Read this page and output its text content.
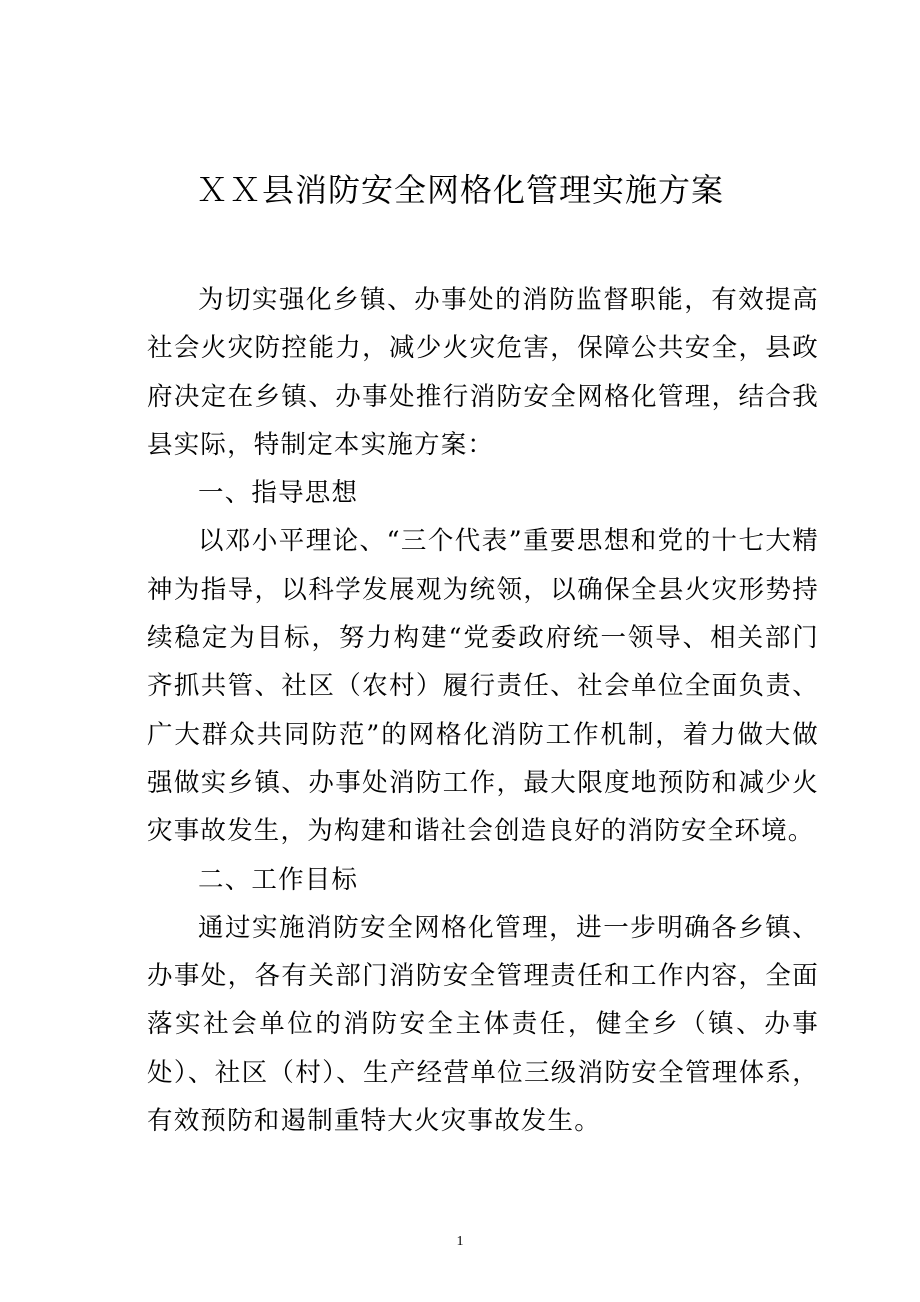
ＸＸ县消防安全网格化管理实施方案

为切实强化乡镇、办事处的消防监督职能，有效提高社会火灾防控能力，减少火灾危害，保障公共安全，县政府决定在乡镇、办事处推行消防安全网格化管理，结合我县实际，特制定本实施方案：

一、指导思想

以邓小平理论、“三个代表”重要思想和党的十七大精神为指导，以科学发展观为统领，以确保全县火灾形势持续稳定为目标，努力构建“党委政府统一领导、相关部门齐抓共管、社区（农村）履行责任、社会单位全面负责、广大群众共同防范”的网格化消防工作机制，着力做大做强做实乡镇、办事处消防工作，最大限度地预防和减少火灾事故发生，为构建和谐社会创造良好的消防安全环境。

二、工作目标

通过实施消防安全网格化管理，进一步明确各乡镇、办事处，各有关部门消防安全管理责任和工作内容，全面落实社会单位的消防安全主体责任，健全乡（镇、办事处）、社区（村）、生产经营单位三级消防安全管理体系，有效预防和遏制重特大火灾事故发生。

1
